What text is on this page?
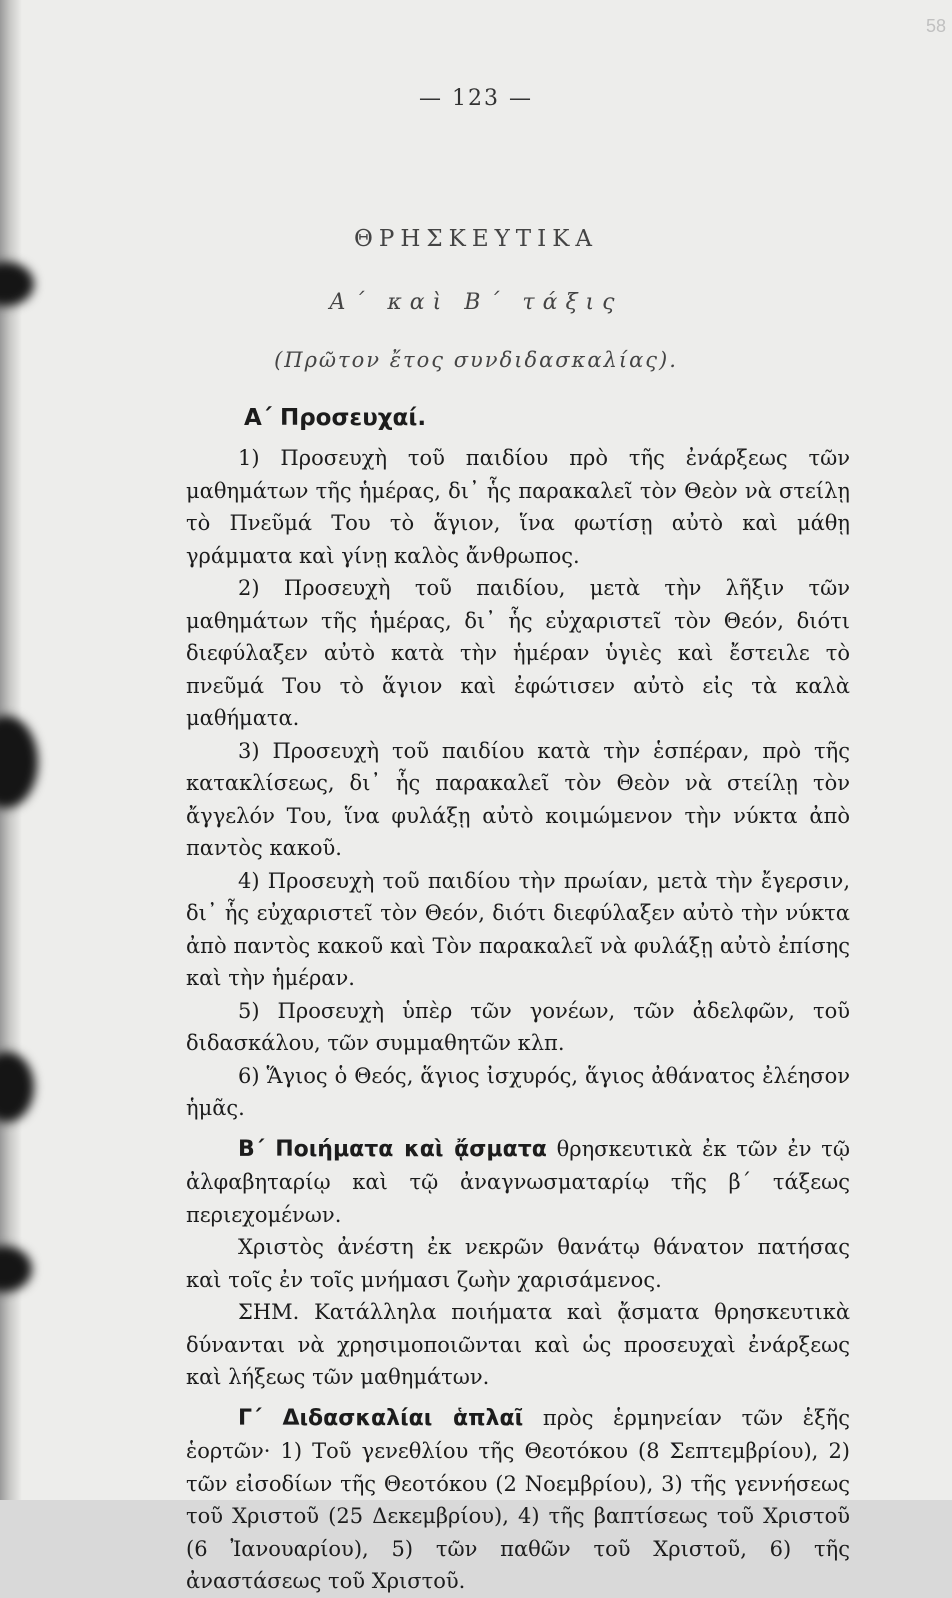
58
— 123 —
ΘΡΗΣΚΕΥΤΙΚΑ
Α΄ καὶ Β΄ τάξις
(Πρῶτον ἔτος συνδιδασκαλίας).
Α΄ Προσευχαί.

1) Προσευχὴ τοῦ παιδίου πρὸ τῆς ἐνάρξεως τῶν μαθημάτων τῆς ἡμέρας, δι᾽ ἧς παρακαλεῖ τὸν Θεὸν νὰ στείλῃ τὸ Πνεῦμά Του τὸ ἅγιον, ἵνα φωτίσῃ αὐτὸ καὶ μάθῃ γράμματα καὶ γίνῃ καλὸς ἄνθρωπος.

2) Προσευχὴ τοῦ παιδίου, μετὰ τὴν λῆξιν τῶν μαθημάτων τῆς ἡμέρας, δι᾽ ἧς εὐχαριστεῖ τὸν Θεόν, διότι διεφύλαξεν αὐτὸ κατὰ τὴν ἡμέραν ὑγιὲς καὶ ἔστειλε τὸ πνεῦμά Του τὸ ἅγιον καὶ ἐφώτισεν αὐτὸ εἰς τὰ καλὰ μαθήματα.

3) Προσευχὴ τοῦ παιδίου κατὰ τὴν ἑσπέραν, πρὸ τῆς κατακλίσεως, δι᾽ ἧς παρακαλεῖ τὸν Θεὸν νὰ στείλῃ τὸν ἄγγελόν Του, ἵνα φυλάξῃ αὐτὸ κοιμώμενον τὴν νύκτα ἀπὸ παντὸς κακοῦ.

4) Προσευχὴ τοῦ παιδίου τὴν πρωίαν, μετὰ τὴν ἔγερσιν, δι᾽ ἧς εὐχαριστεῖ τὸν Θεόν, διότι διεφύλαξεν αὐτὸ τὴν νύκτα ἀπὸ παντὸς κακοῦ καὶ Τὸν παρακαλεῖ νὰ φυλάξῃ αὐτὸ ἐπίσης καὶ τὴν ἡμέραν.

5) Προσευχὴ ὑπὲρ τῶν γονέων, τῶν ἀδελφῶν, τοῦ διδασκάλου, τῶν συμμαθητῶν κλπ.

6) Ἅγιος ὁ Θεός, ἅγιος ἰσχυρός, ἅγιος ἀθάνατος ἐλέησον ἡμᾶς.

Β΄ Ποιήματα καὶ ᾄσματα θρησκευτικὰ ἐκ τῶν ἐν τῷ ἀλφαβηταρίῳ καὶ τῷ ἀναγνωσματαρίῳ τῆς β΄ τάξεως περιεχομένων.

Χριστὸς ἀνέστη ἐκ νεκρῶν θανάτῳ θάνατον πατήσας καὶ τοῖς ἐν τοῖς μνήμασι ζωὴν χαρισάμενος.

ΣΗΜ. Κατάλληλα ποιήματα καὶ ᾄσματα θρησκευτικὰ δύνανται νὰ χρησιμοποιῶνται καὶ ὡς προσευχαὶ ἐνάρξεως καὶ λήξεως τῶν μαθημάτων.

Γ΄ Διδασκαλίαι ἁπλαῖ πρὸς ἑρμηνείαν τῶν ἑξῆς ἑορτῶν· 1) Τοῦ γενεθλίου τῆς Θεοτόκου (8 Σεπτεμβρίου), 2) τῶν εἰσοδίων τῆς Θεοτόκου (2 Νοεμβρίου), 3) τῆς γεννήσεως τοῦ Χριστοῦ (25 Δεκεμβρίου), 4) τῆς βαπτίσεως τοῦ Χριστοῦ (6 Ἰανουαρίου), 5) τῶν παθῶν τοῦ Χριστοῦ, 6) τῆς ἀναστάσεως τοῦ Χριστοῦ.
